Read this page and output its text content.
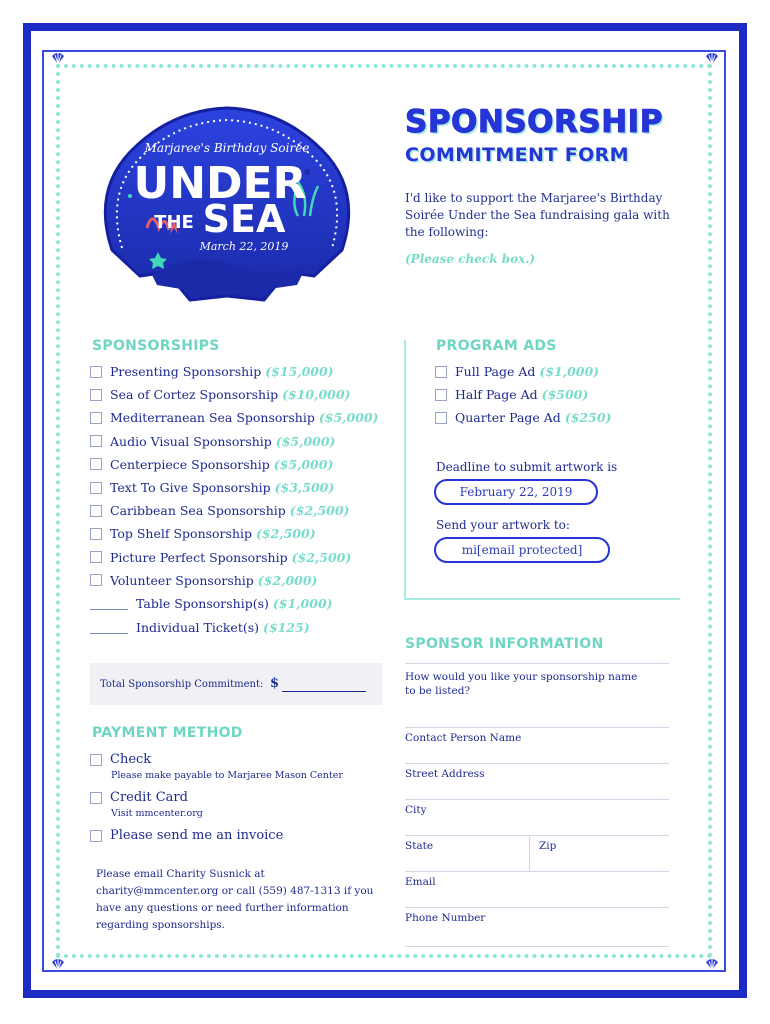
Marjaree's Birthday Soirée
UNDER
THE SEA
March 22, 2019
SPONSORSHIP
COMMITMENT FORM
I'd like to support the Marjaree's Birthday Soirée Under the Sea fundraising gala with the following:
(Please check box.)
SPONSORSHIPS
Presenting Sponsorship ($15,000)
Sea of Cortez Sponsorship ($10,000)
Mediterranean Sea Sponsorship ($5,000)
Audio Visual Sponsorship ($5,000)
Centerpiece Sponsorship ($5,000)
Text To Give Sponsorship ($3,500)
Caribbean Sea Sponsorship ($2,500)
Top Shelf Sponsorship ($2,500)
Picture Perfect Sponsorship ($2,500)
Volunteer Sponsorship ($2,000)
Table Sponsorship(s) ($1,000)
Individual Ticket(s) ($125)
Total Sponsorship Commitment: $
PAYMENT METHOD
Check
Please make payable to Marjaree Mason Center
Credit Card
Visit mmcenter.org
Please send me an invoice
Please email Charity Susnick at charity@mmcenter.org or call (559) 487-1313 if you have any questions or need further information regarding sponsorships.
PROGRAM ADS
Full Page Ad ($1,000)
Half Page Ad ($500)
Quarter Page Ad ($250)
Deadline to submit artwork is
February 22, 2019
Send your artwork to:
mi[email protected]
SPONSOR INFORMATION
How would you like your sponsorship name to be listed?
Contact Person Name
Street Address
City
State	Zip
Email
Phone Number
